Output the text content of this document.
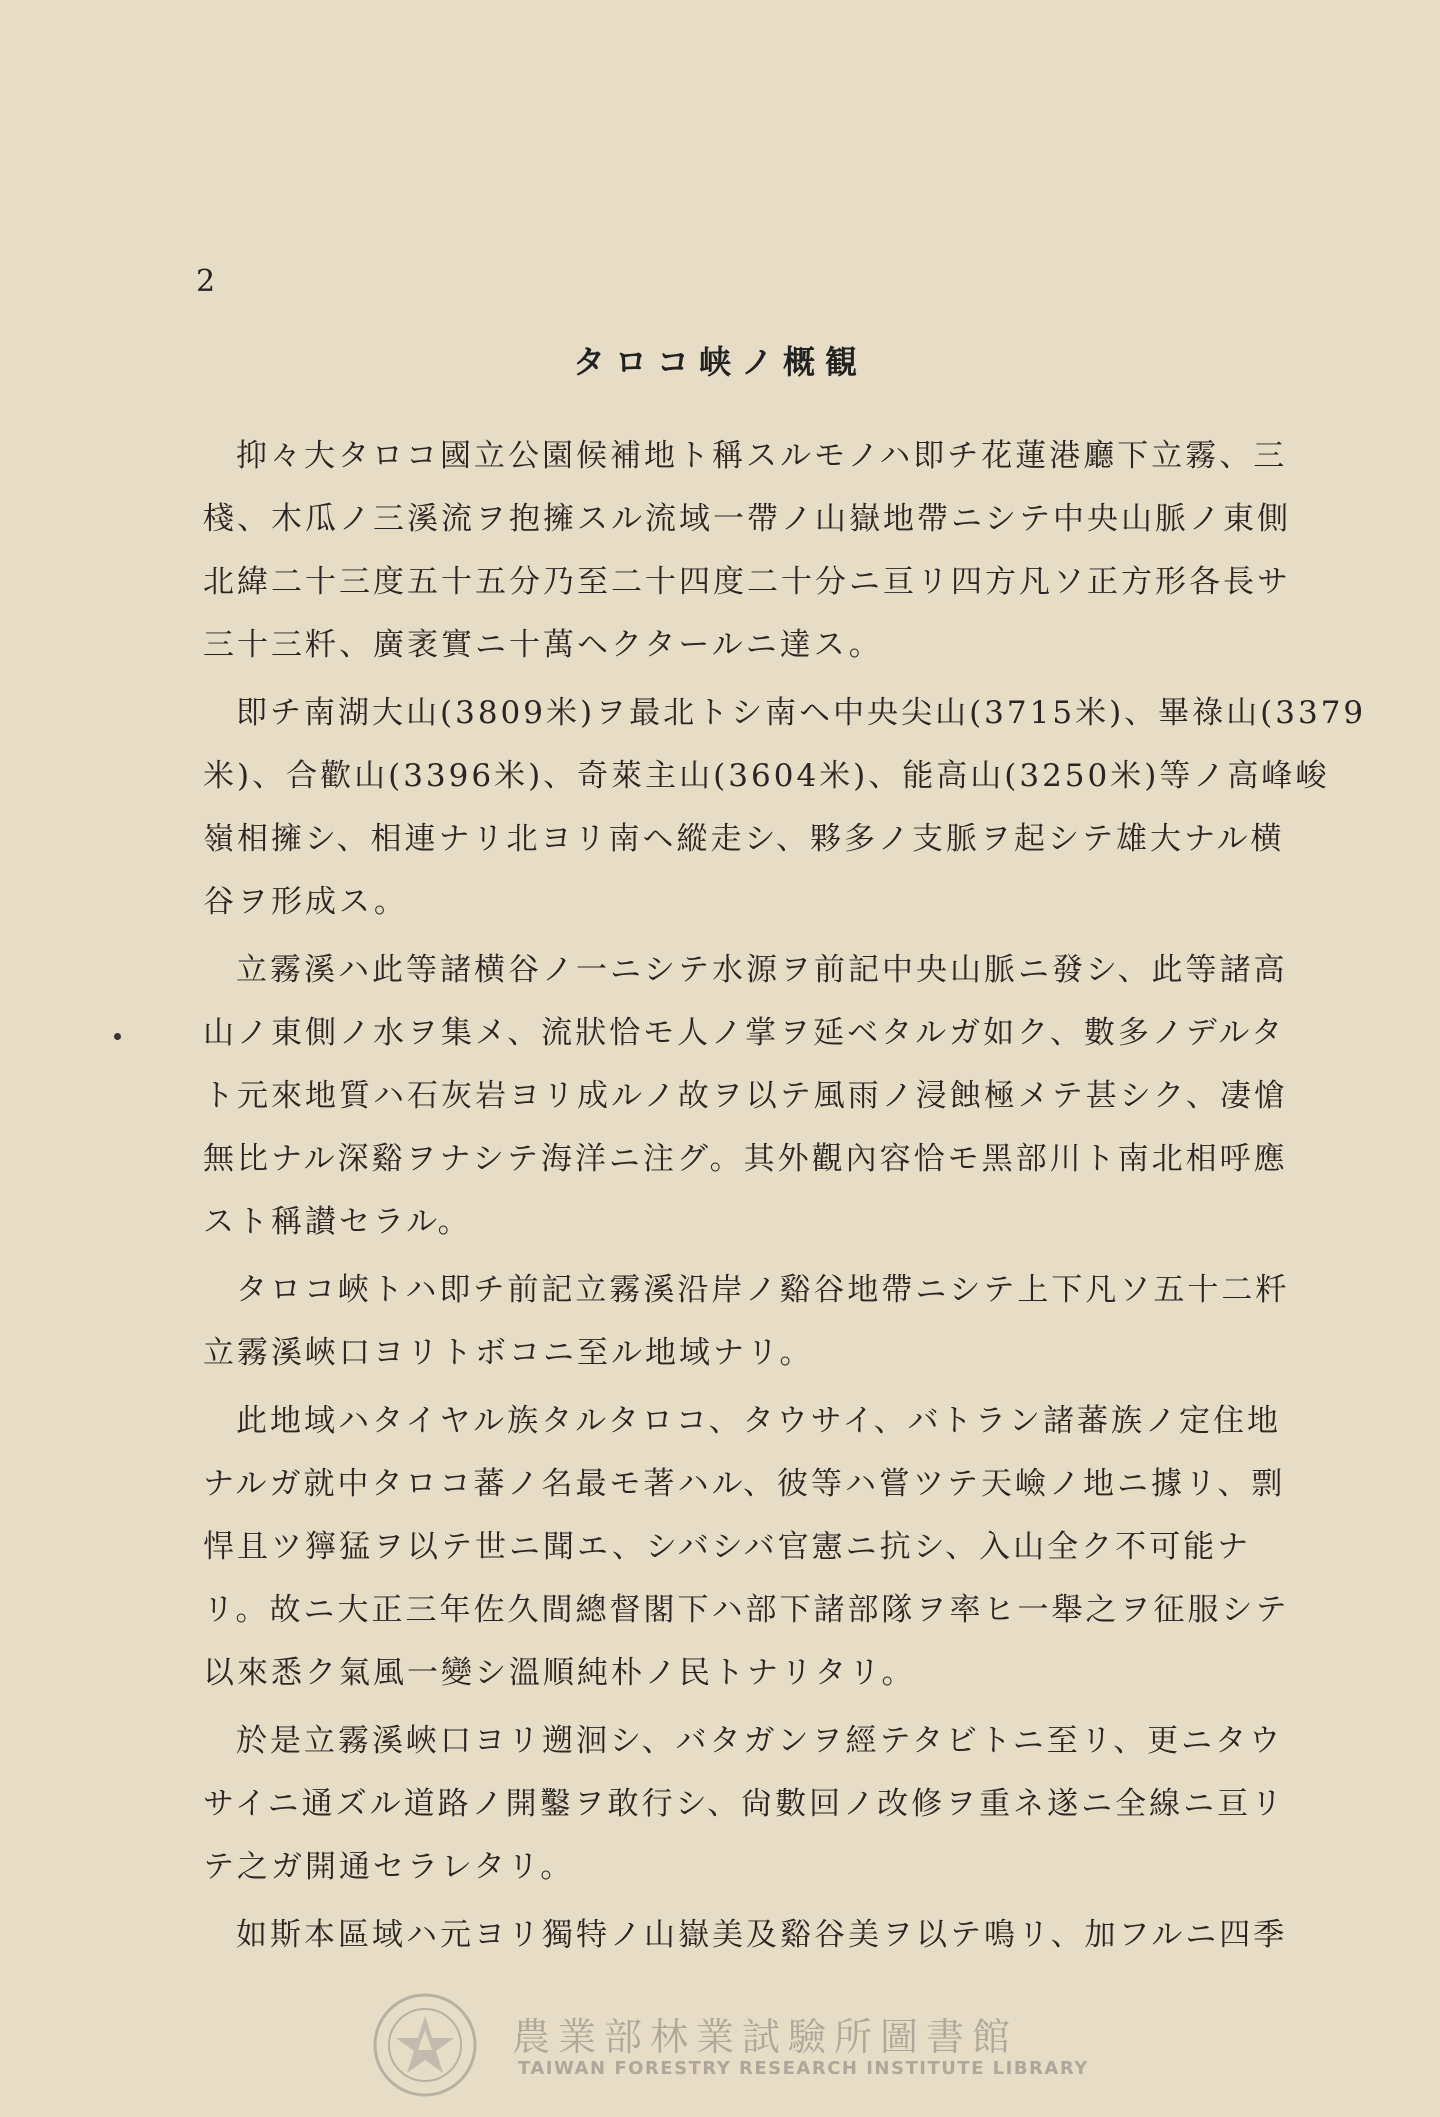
2
タロコ峡ノ概観
抑々大タロコ國立公園候補地ト稱スルモノハ即チ花蓮港廳下立霧、三
棧、木瓜ノ三溪流ヲ抱擁スル流域一帶ノ山嶽地帶ニシテ中央山脈ノ東側
北緯二十三度五十五分乃至二十四度二十分ニ亘リ四方凡ソ正方形各長サ
三十三粁、廣袤實ニ十萬ヘクタールニ達ス。
即チ南湖大山(3809米)ヲ最北トシ南ヘ中央尖山(3715米)、畢祿山(3379
米)、合歡山(3396米)、奇萊主山(3604米)、能高山(3250米)等ノ高峰峻
嶺相擁シ、相連ナリ北ヨリ南ヘ縱走シ、夥多ノ支脈ヲ起シテ雄大ナル横
谷ヲ形成ス。
立霧溪ハ此等諸横谷ノ一ニシテ水源ヲ前記中央山脈ニ發シ、此等諸高
山ノ東側ノ水ヲ集メ、流狀恰モ人ノ掌ヲ延ベタルガ如ク、數多ノデルタ
ト元來地質ハ石灰岩ヨリ成ルノ故ヲ以テ風雨ノ浸蝕極メテ甚シク、凄愴
無比ナル深谿ヲナシテ海洋ニ注グ。其外觀內容恰モ黑部川ト南北相呼應
スト稱讃セラル。
タロコ峽トハ即チ前記立霧溪沿岸ノ谿谷地帶ニシテ上下凡ソ五十二粁
立霧溪峽口ヨリトボコニ至ル地域ナリ。
此地域ハタイヤル族タルタロコ、タウサイ、バトラン諸蕃族ノ定住地
ナルガ就中タロコ蕃ノ名最モ著ハル、彼等ハ嘗ツテ天嶮ノ地ニ據リ、剽
悍且ツ獰猛ヲ以テ世ニ聞エ、シバシバ官憲ニ抗シ、入山全ク不可能ナ
リ。故ニ大正三年佐久間總督閣下ハ部下諸部隊ヲ率ヒ一舉之ヲ征服シテ
以來悉ク氣風一變シ溫順純朴ノ民トナリタリ。
於是立霧溪峽口ヨリ遡洄シ、バタガンヲ經テタビトニ至リ、更ニタウ
サイニ通ズル道路ノ開鑿ヲ敢行シ、尙數回ノ改修ヲ重ネ遂ニ全線ニ亘リ
テ之ガ開通セラレタリ。
如斯本區域ハ元ヨリ獨特ノ山嶽美及谿谷美ヲ以テ鳴リ、加フルニ四季
農業部林業試驗所圖書館
TAIWAN FORESTRY RESEARCH INSTITUTE LIBRARY
